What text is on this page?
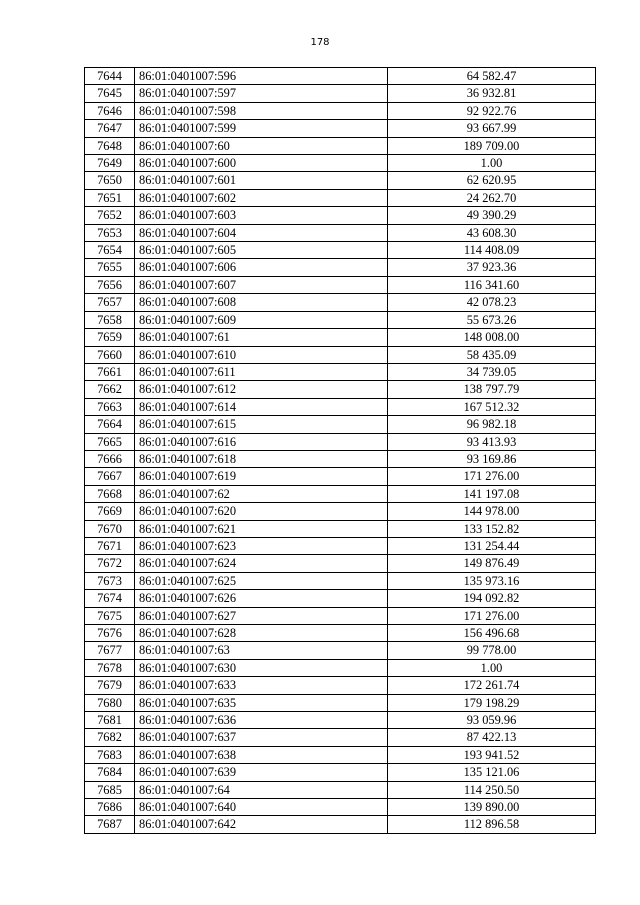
178
7644	86:01:0401007:596	64 582.47
7645	86:01:0401007:597	36 932.81
7646	86:01:0401007:598	92 922.76
7647	86:01:0401007:599	93 667.99
7648	86:01:0401007:60	189 709.00
7649	86:01:0401007:600	1.00
7650	86:01:0401007:601	62 620.95
7651	86:01:0401007:602	24 262.70
7652	86:01:0401007:603	49 390.29
7653	86:01:0401007:604	43 608.30
7654	86:01:0401007:605	114 408.09
7655	86:01:0401007:606	37 923.36
7656	86:01:0401007:607	116 341.60
7657	86:01:0401007:608	42 078.23
7658	86:01:0401007:609	55 673.26
7659	86:01:0401007:61	148 008.00
7660	86:01:0401007:610	58 435.09
7661	86:01:0401007:611	34 739.05
7662	86:01:0401007:612	138 797.79
7663	86:01:0401007:614	167 512.32
7664	86:01:0401007:615	96 982.18
7665	86:01:0401007:616	93 413.93
7666	86:01:0401007:618	93 169.86
7667	86:01:0401007:619	171 276.00
7668	86:01:0401007:62	141 197.08
7669	86:01:0401007:620	144 978.00
7670	86:01:0401007:621	133 152.82
7671	86:01:0401007:623	131 254.44
7672	86:01:0401007:624	149 876.49
7673	86:01:0401007:625	135 973.16
7674	86:01:0401007:626	194 092.82
7675	86:01:0401007:627	171 276.00
7676	86:01:0401007:628	156 496.68
7677	86:01:0401007:63	99 778.00
7678	86:01:0401007:630	1.00
7679	86:01:0401007:633	172 261.74
7680	86:01:0401007:635	179 198.29
7681	86:01:0401007:636	93 059.96
7682	86:01:0401007:637	87 422.13
7683	86:01:0401007:638	193 941.52
7684	86:01:0401007:639	135 121.06
7685	86:01:0401007:64	114 250.50
7686	86:01:0401007:640	139 890.00
7687	86:01:0401007:642	112 896.58
